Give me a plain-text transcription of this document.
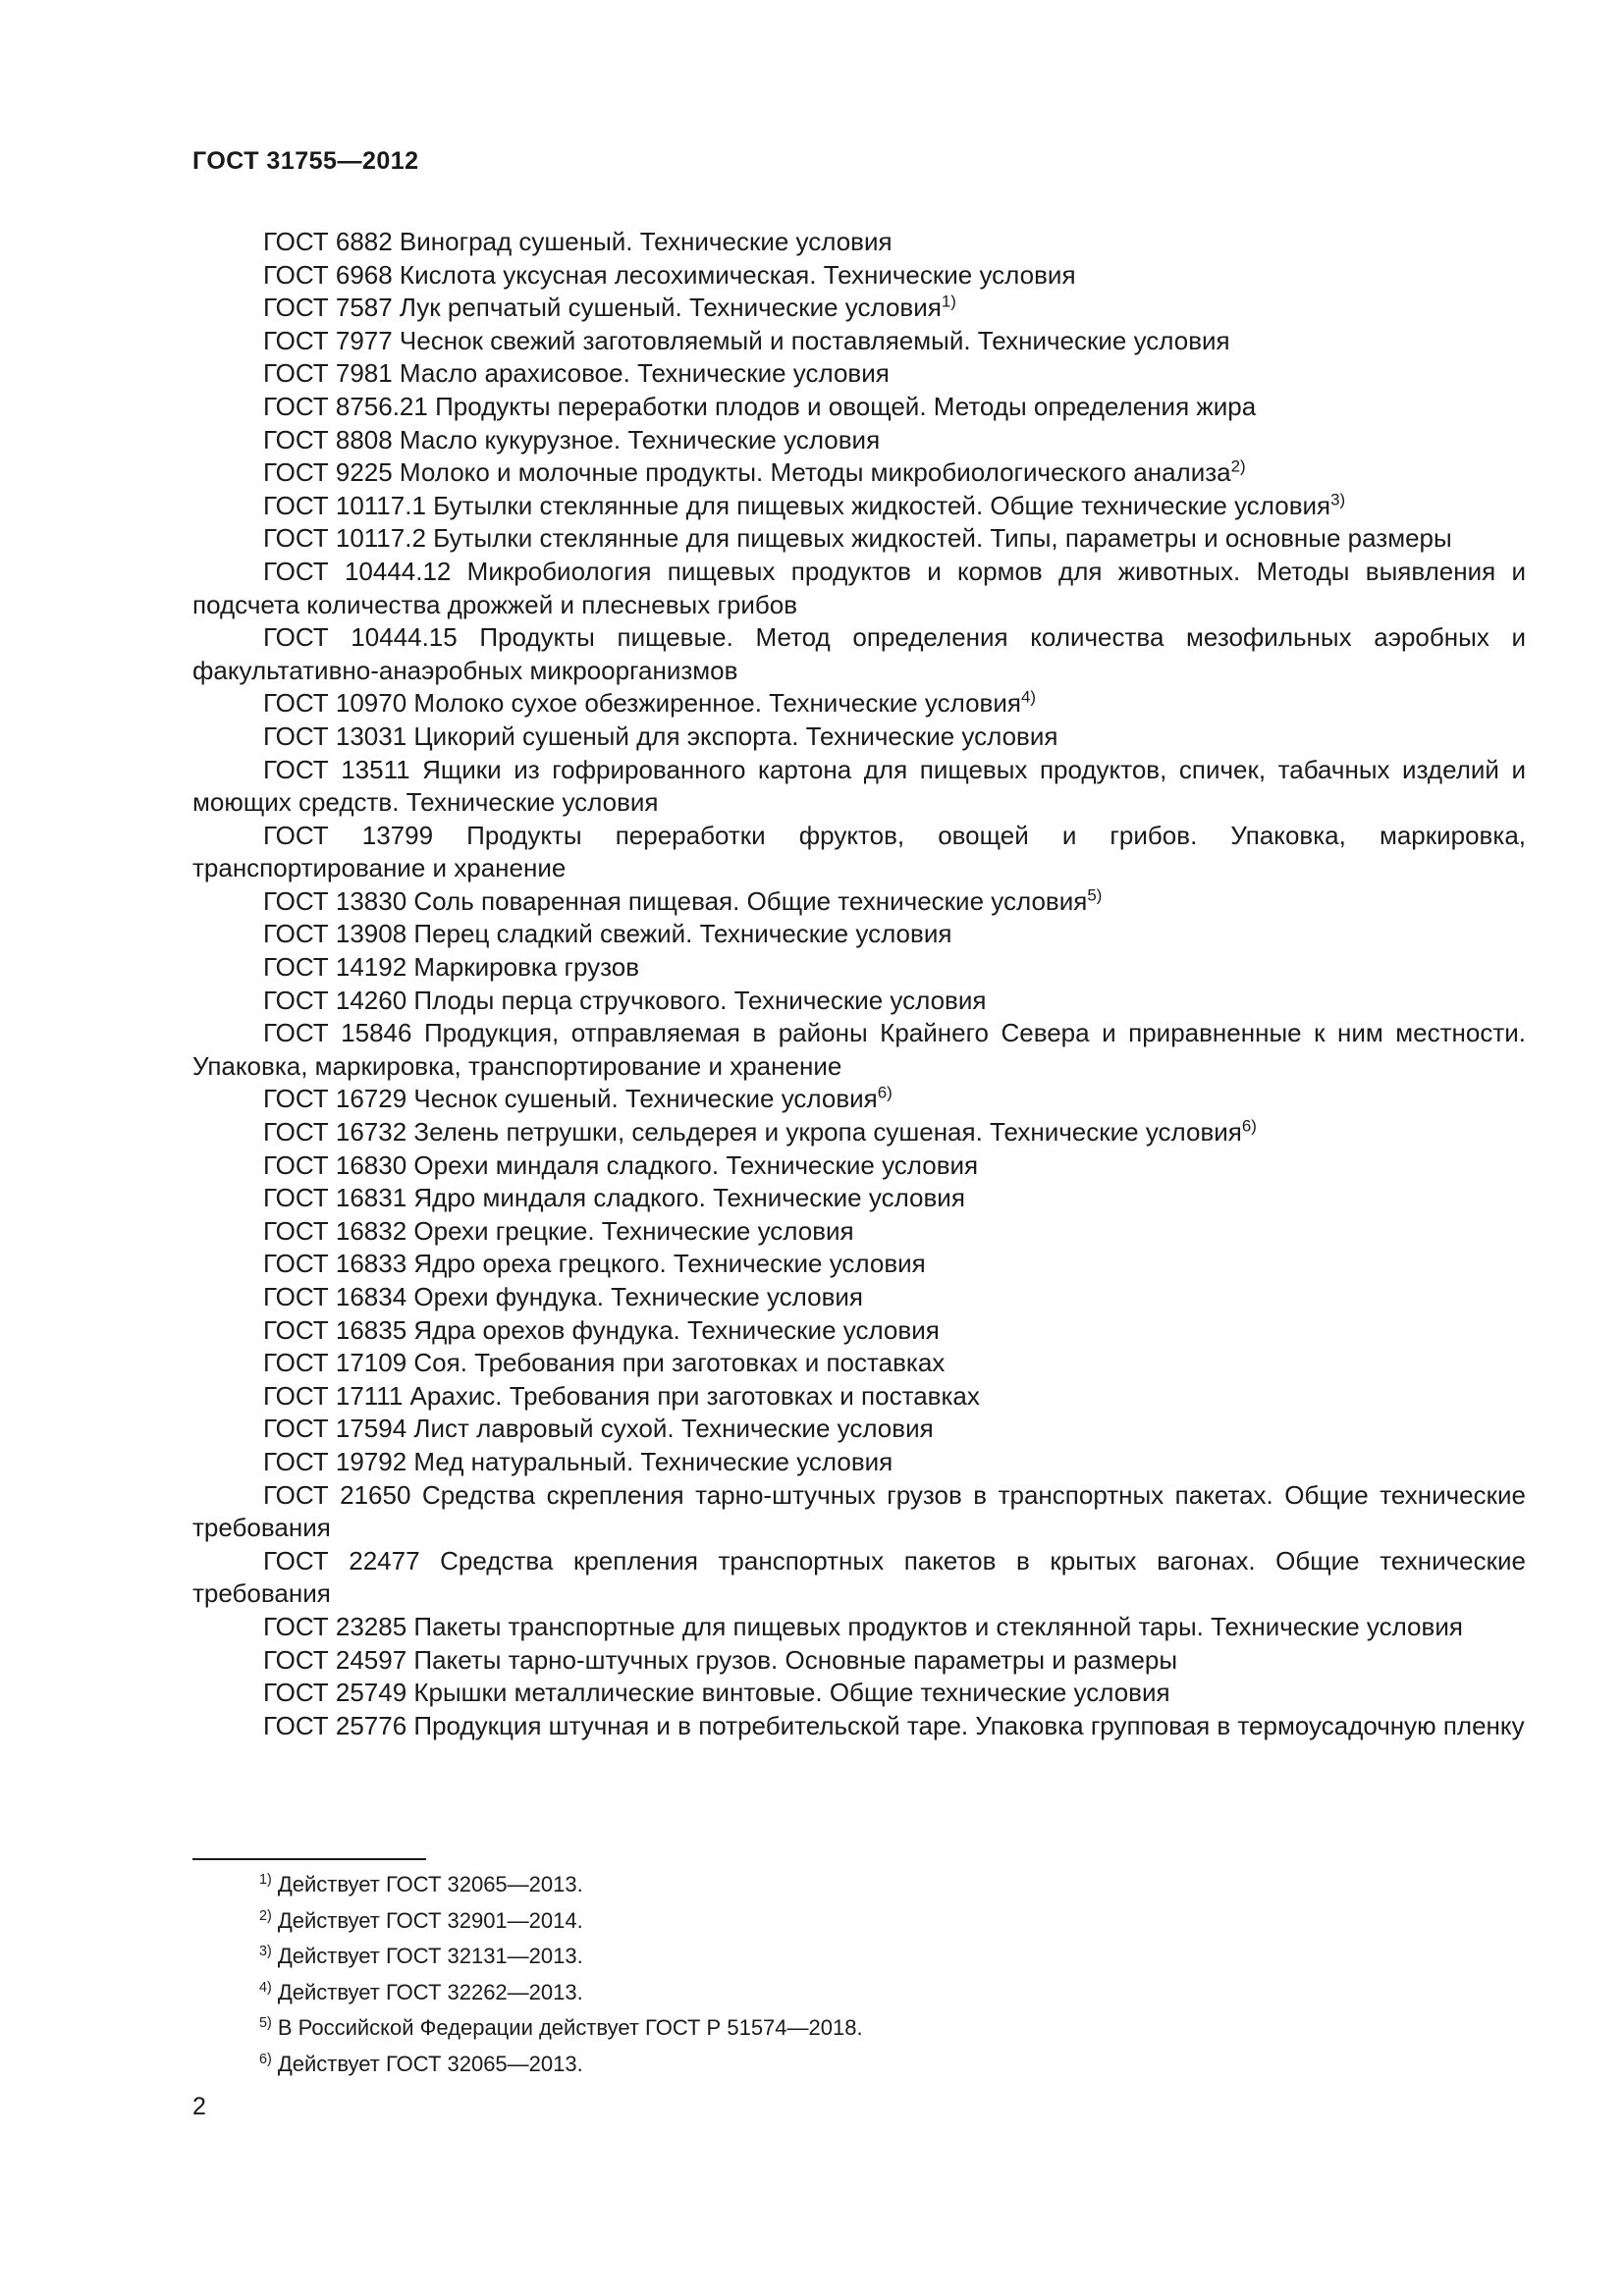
ГОСТ 31755—2012

ГОСТ 6882 Виноград сушеный. Технические условия

ГОСТ 6968 Кислота уксусная лесохимическая. Технические условия

ГОСТ 7587 Лук репчатый сушеный. Технические условия$^{1)}$

ГОСТ 7977 Чеснок свежий заготовляемый и поставляемый. Технические условия

ГОСТ 7981 Масло арахисовое. Технические условия

ГОСТ 8756.21 Продукты переработки плодов и овощей. Методы определения жира

ГОСТ 8808 Масло кукурузное. Технические условия

ГОСТ 9225 Молоко и молочные продукты. Методы микробиологического анализа$^{2)}$

ГОСТ 10117.1 Бутылки стеклянные для пищевых жидкостей. Общие технические условия$^{3)}$

ГОСТ 10117.2 Бутылки стеклянные для пищевых жидкостей. Типы, параметры и основные размеры

ГОСТ 10444.12 Микробиология пищевых продуктов и кормов для животных. Методы выявления и подсчета количества дрожжей и плесневых грибов

ГОСТ 10444.15 Продукты пищевые. Метод определения количества мезофильных аэробных и факультативно-анаэробных микроорганизмов

ГОСТ 10970 Молоко сухое обезжиренное. Технические условия$^{4)}$

ГОСТ 13031 Цикорий сушеный для экспорта. Технические условия

ГОСТ 13511 Ящики из гофрированного картона для пищевых продуктов, спичек, табачных изделий и моющих средств. Технические условия

ГОСТ 13799 Продукты переработки фруктов, овощей и грибов. Упаковка, маркировка, транспортирование и хранение

ГОСТ 13830 Соль поваренная пищевая. Общие технические условия$^{5)}$

ГОСТ 13908 Перец сладкий свежий. Технические условия

ГОСТ 14192 Маркировка грузов

ГОСТ 14260 Плоды перца стручкового. Технические условия

ГОСТ 15846 Продукция, отправляемая в районы Крайнего Севера и приравненные к ним местности. Упаковка, маркировка, транспортирование и хранение

ГОСТ 16729 Чеснок сушеный. Технические условия$^{6)}$

ГОСТ 16732 Зелень петрушки, сельдерея и укропа сушеная. Технические условия$^{6)}$

ГОСТ 16830 Орехи миндаля сладкого. Технические условия

ГОСТ 16831 Ядро миндаля сладкого. Технические условия

ГОСТ 16832 Орехи грецкие. Технические условия

ГОСТ 16833 Ядро ореха грецкого. Технические условия

ГОСТ 16834 Орехи фундука. Технические условия

ГОСТ 16835 Ядра орехов фундука. Технические условия

ГОСТ 17109 Соя. Требования при заготовках и поставках

ГОСТ 17111 Арахис. Требования при заготовках и поставках

ГОСТ 17594 Лист лавровый сухой. Технические условия

ГОСТ 19792 Мед натуральный. Технические условия

ГОСТ 21650 Средства скрепления тарно-штучных грузов в транспортных пакетах. Общие технические требования

ГОСТ 22477 Средства крепления транспортных пакетов в крытых вагонах. Общие технические требования

ГОСТ 23285 Пакеты транспортные для пищевых продуктов и стеклянной тары. Технические условия

ГОСТ 24597 Пакеты тарно-штучных грузов. Основные параметры и размеры

ГОСТ 25749 Крышки металлические винтовые. Общие технические условия

ГОСТ 25776 Продукция штучная и в потребительской таре. Упаковка групповая в термоусадочную пленку

$^{1)}$ Действует ГОСТ 32065—2013.

$^{2)}$ Действует ГОСТ 32901—2014.

$^{3)}$ Действует ГОСТ 32131—2013.

$^{4)}$ Действует ГОСТ 32262—2013.

$^{5)}$ В Российской Федерации действует ГОСТ Р 51574—2018.

$^{6)}$ Действует ГОСТ 32065—2013.

2
